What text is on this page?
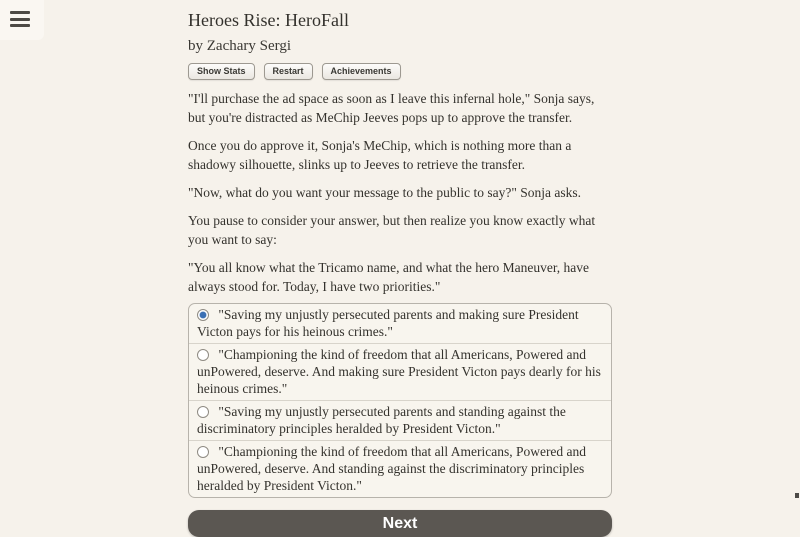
Heroes Rise: HeroFall
by Zachary Sergi
Show Stats	Restart	Achievements

"I'll purchase the ad space as soon as I leave this infernal hole," Sonja says, but you're distracted as MeChip Jeeves pops up to approve the transfer.

Once you do approve it, Sonja's MeChip, which is nothing more than a shadowy silhouette, slinks up to Jeeves to retrieve the transfer.

"Now, what do you want your message to the public to say?" Sonja asks.

You pause to consider your answer, but then realize you know exactly what you want to say:

"You all know what the Tricamo name, and what the hero Maneuver, have always stood for. Today, I have two priorities."

"Saving my unjustly persecuted parents and making sure President Victon pays for his heinous crimes."
"Championing the kind of freedom that all Americans, Powered and unPowered, deserve. And making sure President Victon pays dearly for his heinous crimes."
"Saving my unjustly persecuted parents and standing against the discriminatory principles heralded by President Victon."
"Championing the kind of freedom that all Americans, Powered and unPowered, deserve. And standing against the discriminatory principles heralded by President Victon."
Next
